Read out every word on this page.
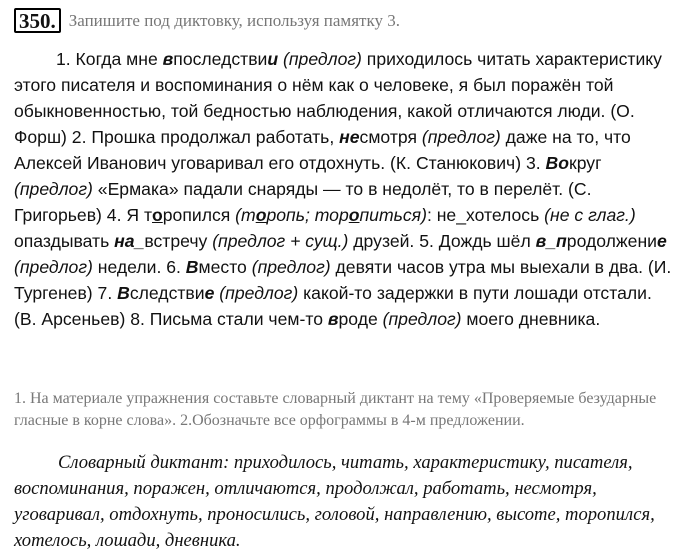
350. Запишите под диктовку, используя памятку 3.

1. Когда мне впоследствии (предлог) приходилось читать характеристику этого писателя и воспоминания о нём как о человеке, я был поражён той обыкновенностью, той бедностью наблюдения, какой отличаются люди. (О. Форш) 2. Прошка продолжал работать, несмотря (предлог) даже на то, что Алексей Иванович уговаривал его отдохнуть. (К. Станюкович) 3. Вокруг (предлог) «Ермака» падали снаряды — то в недолёт, то в перелёт. (С. Григорьев) 4. Я торопился (торопь; торопиться): не_хотелось (не с глаг.) опаздывать на_встречу (предлог + сущ.) друзей. 5. Дождь шёл в_продолжение (предлог) недели. 6. Вместо (предлог) девяти часов утра мы выехали в два. (И. Тургенев) 7. Вследствие (предлог) какой-то задержки в пути лошади отстали. (В. Арсеньев) 8. Письма стали чем-то вроде (предлог) моего дневника.

1. На материале упражнения составьте словарный диктант на тему «Проверяемые безударные гласные в корне слова». 2.Обозначьте все орфограммы в 4-м предложении.

Словарный диктант: приходилось, читать, характеристику, писателя, воспоминания, поражен, отличаются, продолжал, работать, несмотря, уговаривал, отдохнуть, проносились, головой, направлению, высоте, торопился, хотелось, лошади, дневника.
